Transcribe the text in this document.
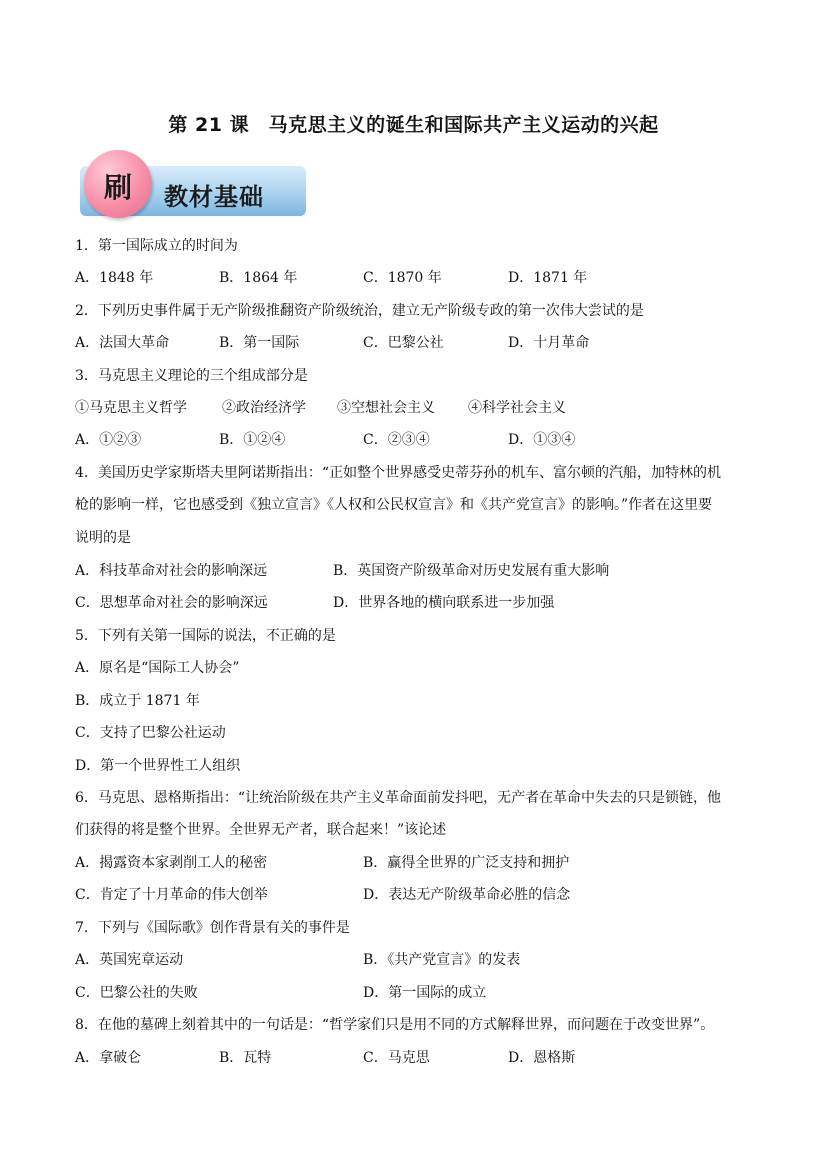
第 21 课　马克思主义的诞生和国际共产主义运动的兴起
教材基础
刷
1．第一国际成立的时间为
A．1848 年	B．1864 年	C．1870 年	D．1871 年
2．下列历史事件属于无产阶级推翻资产阶级统治，建立无产阶级专政的第一次伟大尝试的是
A．法国大革命	B．第一国际	C．巴黎公社	D．十月革命
3．马克思主义理论的三个组成部分是
①马克思主义哲学	②政治经济学 ③空想社会主义 ④科学社会主义
A．①②③	B．①②④	C．②③④	D．①③④
4．美国历史学家斯塔夫里阿诺斯指出：“正如整个世界感受史蒂芬孙的机车、富尔顿的汽船，加特林的机
枪的影响一样，它也感受到《独立宣言》《人权和公民权宣言》和《共产党宣言》的影响。”作者在这里要
说明的是
A．科技革命对社会的影响深远	B．英国资产阶级革命对历史发展有重大影响
C．思想革命对社会的影响深远	D．世界各地的横向联系进一步加强
5．下列有关第一国际的说法，不正确的是
A．原名是“国际工人协会”
B．成立于 1871 年
C．支持了巴黎公社运动
D．第一个世界性工人组织
6．马克思、恩格斯指出：“让统治阶级在共产主义革命面前发抖吧，无产者在革命中失去的只是锁链，他
们获得的将是整个世界。全世界无产者，联合起来！”该论述
A．揭露资本家剥削工人的秘密	B．赢得全世界的广泛支持和拥护
C．肯定了十月革命的伟大创举	D．表达无产阶级革命必胜的信念
7．下列与《国际歌》创作背景有关的事件是
A．英国宪章运动	B．《共产党宣言》的发表
C．巴黎公社的失败	D．第一国际的成立
8．在他的墓碑上刻着其中的一句话是：“哲学家们只是用不同的方式解释世界，而问题在于改变世界”。
A．拿破仑	B．瓦特	C．马克思	D．恩格斯
